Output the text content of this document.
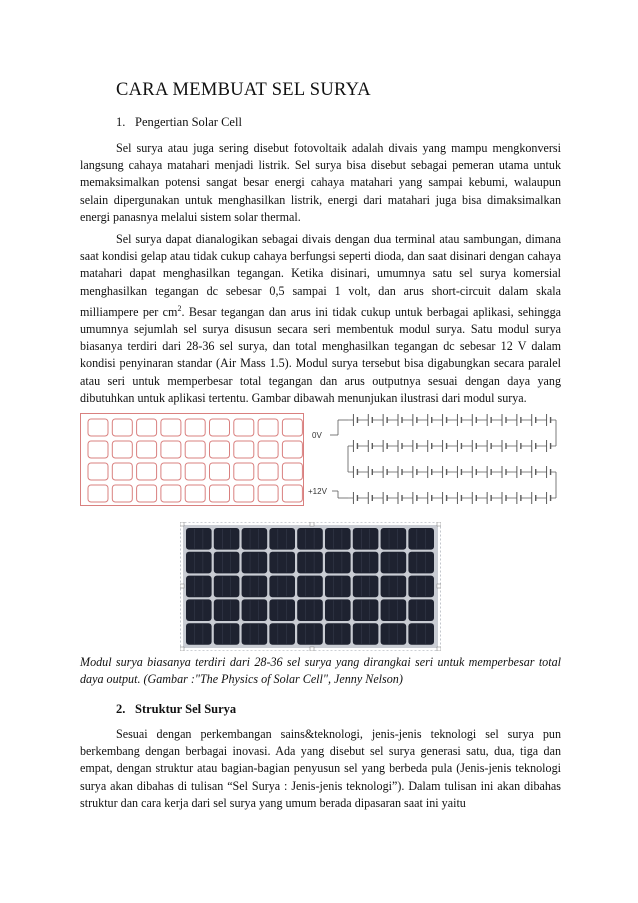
CARA MEMBUAT SEL SURYA
1. Pengertian Solar Cell

Sel surya atau juga sering disebut fotovoltaik adalah divais yang mampu mengkonversi langsung cahaya matahari menjadi listrik. Sel surya bisa disebut sebagai pemeran utama untuk memaksimalkan potensi sangat besar energi cahaya matahari yang sampai kebumi, walaupun selain dipergunakan untuk menghasilkan listrik, energi dari matahari juga bisa dimaksimalkan energi panasnya melalui sistem solar thermal.

Sel surya dapat dianalogikan sebagai divais dengan dua terminal atau sambungan, dimana saat kondisi gelap atau tidak cukup cahaya berfungsi seperti dioda, dan saat disinari dengan cahaya matahari dapat menghasilkan tegangan. Ketika disinari, umumnya satu sel surya komersial menghasilkan tegangan dc sebesar 0,5 sampai 1 volt, dan arus short-circuit dalam skala milliampere per $cm^2$. Besar tegangan dan arus ini tidak cukup untuk berbagai aplikasi, sehingga umumnya sejumlah sel surya disusun secara seri membentuk modul surya. Satu modul surya biasanya terdiri dari 28-36 sel surya, dan total menghasilkan tegangan dc sebesar 12 V dalam kondisi penyinaran standar (Air Mass 1.5). Modul surya tersebut bisa digabungkan secara paralel atau seri untuk memperbesar total tegangan dan arus outputnya sesuai dengan daya yang dibutuhkan untuk aplikasi tertentu. Gambar dibawah menunjukan ilustrasi dari modul surya.

0V
+12V

Modul surya biasanya terdiri dari 28-36 sel surya yang dirangkai seri untuk memperbesar total daya output. (Gambar :"The Physics of Solar Cell", Jenny Nelson)

2. Struktur Sel Surya

Sesuai dengan perkembangan sains&teknologi, jenis-jenis teknologi sel surya pun berkembang dengan berbagai inovasi. Ada yang disebut sel surya generasi satu, dua, tiga dan empat, dengan struktur atau bagian-bagian penyusun sel yang berbeda pula (Jenis-jenis teknologi surya akan dibahas di tulisan “Sel Surya : Jenis-jenis teknologi”). Dalam tulisan ini akan dibahas struktur dan cara kerja dari sel surya yang umum berada dipasaran saat ini yaitu
